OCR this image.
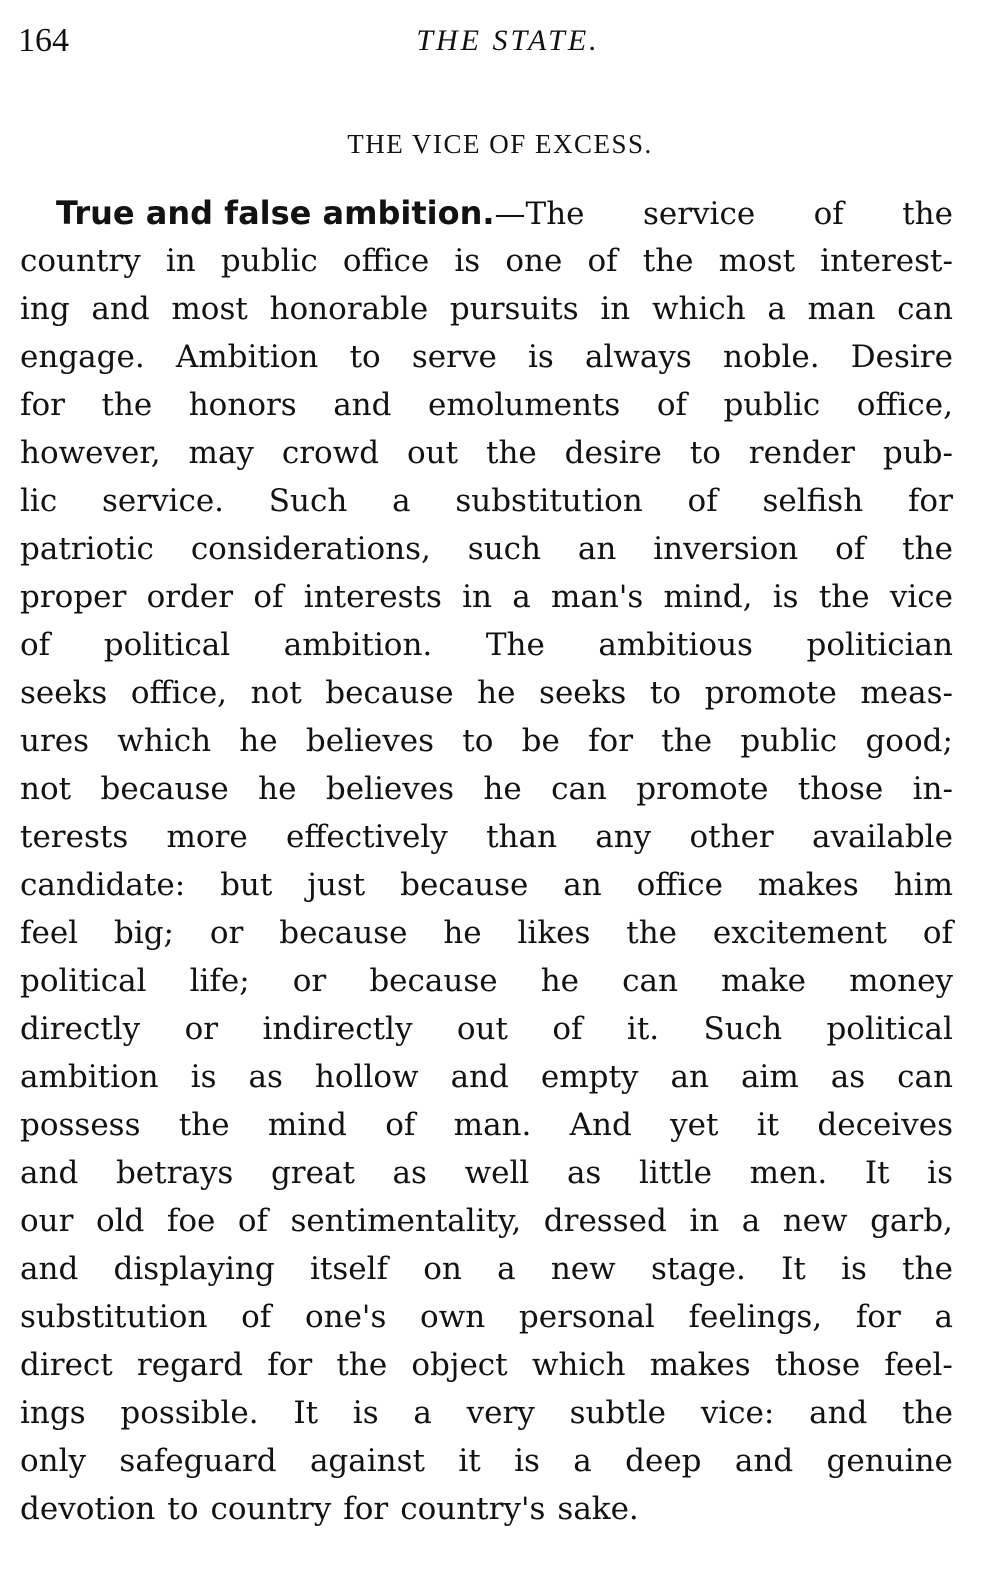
164	THE STATE.
THE VICE OF EXCESS.
True and false ambition.—The service of the
country in public office is one of the most interest-
ing and most honorable pursuits in which a man can
engage. Ambition to serve is always noble. Desire
for the honors and emoluments of public office,
however, may crowd out the desire to render pub-
lic service. Such a substitution of selfish for
patriotic considerations, such an inversion of the
proper order of interests in a man's mind, is the vice
of political ambition. The ambitious politician
seeks office, not because he seeks to promote meas-
ures which he believes to be for the public good;
not because he believes he can promote those in-
terests more effectively than any other available
candidate: but just because an office makes him
feel big; or because he likes the excitement of
political life; or because he can make money
directly or indirectly out of it. Such political
ambition is as hollow and empty an aim as can
possess the mind of man. And yet it deceives
and betrays great as well as little men. It is
our old foe of sentimentality, dressed in a new garb,
and displaying itself on a new stage. It is the
substitution of one's own personal feelings, for a
direct regard for the object which makes those feel-
ings possible. It is a very subtle vice: and the
only safeguard against it is a deep and genuine
devotion to country for country's sake.
